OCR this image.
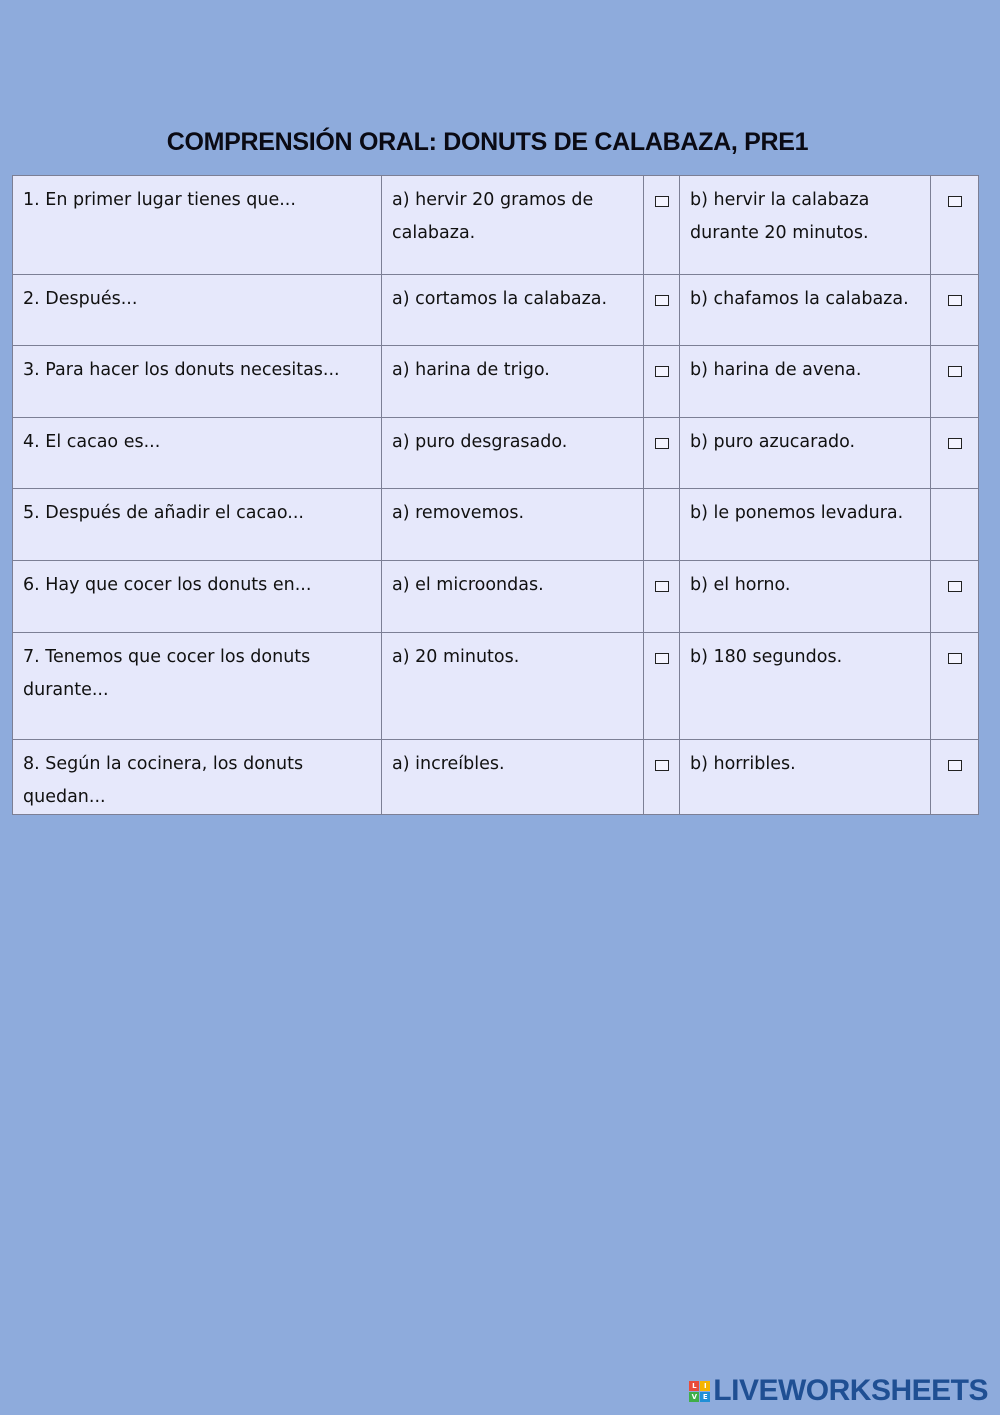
COMPRENSIÓN ORAL: DONUTS DE CALABAZA, PRE1
1. En primer lugar tienes que...	a) hervir 20 gramos de calabaza.		b) hervir la calabaza durante 20 minutos.	
2. Después...	a) cortamos la calabaza.		b) chafamos la calabaza.	
3. Para hacer los donuts necesitas...	a) harina de trigo.		b) harina de avena.	
4. El cacao es...	a) puro desgrasado.		b) puro azucarado.	
5. Después de añadir el cacao...	a) removemos.		b) le ponemos levadura.	
6. Hay que cocer los donuts en...	a) el microondas.		b) el horno.	
7. Tenemos que cocer los donuts durante...	a) 20 minutos.		b) 180 segundos.	
8. Según la cocinera, los donuts quedan...	a) increíbles.		b) horribles.	
L	I
V E LIVEWORKSHEETS
